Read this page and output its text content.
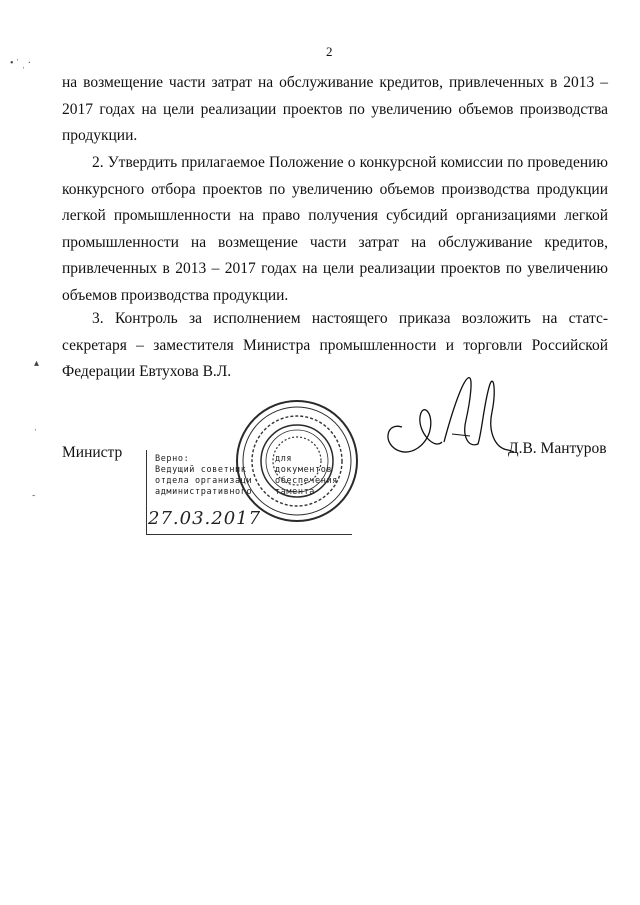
2
• ˈ ˌ ·
▴
ˈ
˜

на возмещение части затрат на обслуживание кредитов, привлеченных в 2013 – 2017 годах на цели реализации проектов по увеличению объемов производства продукции.

2. Утвердить прилагаемое Положение о конкурсной комиссии по проведению конкурсного отбора проектов по увеличению объемов производства продукции легкой промышленности на право получения субсидий организациями легкой промышленности на возмещение части затрат на обслуживание кредитов, привлеченных в 2013 – 2017 годах на цели реализации проектов по увеличению объемов производства продукции.

3. Контроль за исполнением настоящего приказа возложить на статс-секретаря – заместителя Министра промышленности и торговли Российской Федерации Евтухова В.Л.

Министр	Верно:
Ведущий советник
отдела организаци
административного
для
документов
обеспечения
тамента
27.03.2017
Д.В. Мантуров
